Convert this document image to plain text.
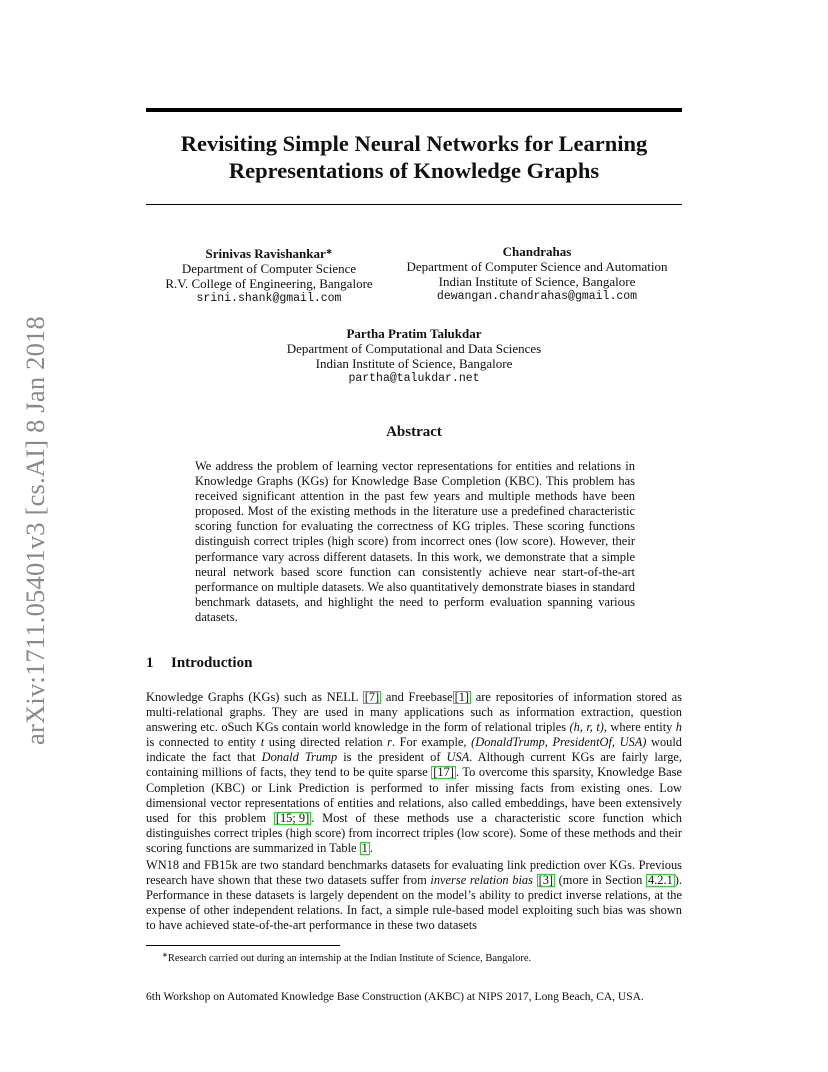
arXiv:1711.05401v3 [cs.AI] 8 Jan 2018
Revisiting Simple Neural Networks for Learning
Representations of Knowledge Graphs
Srinivas Ravishankar∗
Department of Computer Science
R.V. College of Engineering, Bangalore
srini.shank@gmail.com
Chandrahas
Department of Computer Science and Automation
Indian Institute of Science, Bangalore
dewangan.chandrahas@gmail.com
Partha Pratim Talukdar
Department of Computational and Data Sciences
Indian Institute of Science, Bangalore
partha@talukdar.net
Abstract
We address the problem of learning vector representations for entities and relations in Knowledge Graphs (KGs) for Knowledge Base Completion (KBC). This problem has received significant attention in the past few years and multiple methods have been proposed. Most of the existing methods in the literature use a predefined characteristic scoring function for evaluating the correctness of KG triples. These scoring functions distinguish correct triples (high score) from incorrect ones (low score). However, their performance vary across different datasets. In this work, we demonstrate that a simple neural network based score function can consistently achieve near start-of-the-art performance on multiple datasets. We also quantitatively demonstrate biases in standard benchmark datasets, and highlight the need to perform evaluation spanning various datasets.
1 Introduction
Knowledge Graphs (KGs) such as NELL [7] and Freebase [1] are repositories of information stored as multi-relational graphs. They are used in many applications such as information extraction, question answering etc. oSuch KGs contain world knowledge in the form of relational triples (h, r, t), where entity h is connected to entity t using directed relation r. For example, (DonaldTrump, PresidentOf, USA) would indicate the fact that Donald Trump is the president of USA. Although current KGs are fairly large, containing millions of facts, they tend to be quite sparse [17] . To overcome this sparsity, Knowledge Base Completion (KBC) or Link Prediction is performed to infer missing facts from existing ones. Low dimensional vector representations of entities and relations, also called embeddings, have been extensively used for this problem [15; 9] . Most of these methods use a characteristic score function which distinguishes correct triples (high score) from incorrect triples (low score). Some of these methods and their scoring functions are summarized in Table 1 .
WN18 and FB15k are two standard benchmarks datasets for evaluating link prediction over KGs. Previous research have shown that these two datasets suffer from inverse relation bias [3] (more in Section 4.2.1 ). Performance in these datasets is largely dependent on the model’s ability to predict inverse relations, at the expense of other independent relations. In fact, a simple rule-based model exploiting such bias was shown to have achieved state-of-the-art performance in these two datasets
∗Research carried out during an internship at the Indian Institute of Science, Bangalore.
6th Workshop on Automated Knowledge Base Construction (AKBC) at NIPS 2017, Long Beach, CA, USA.
